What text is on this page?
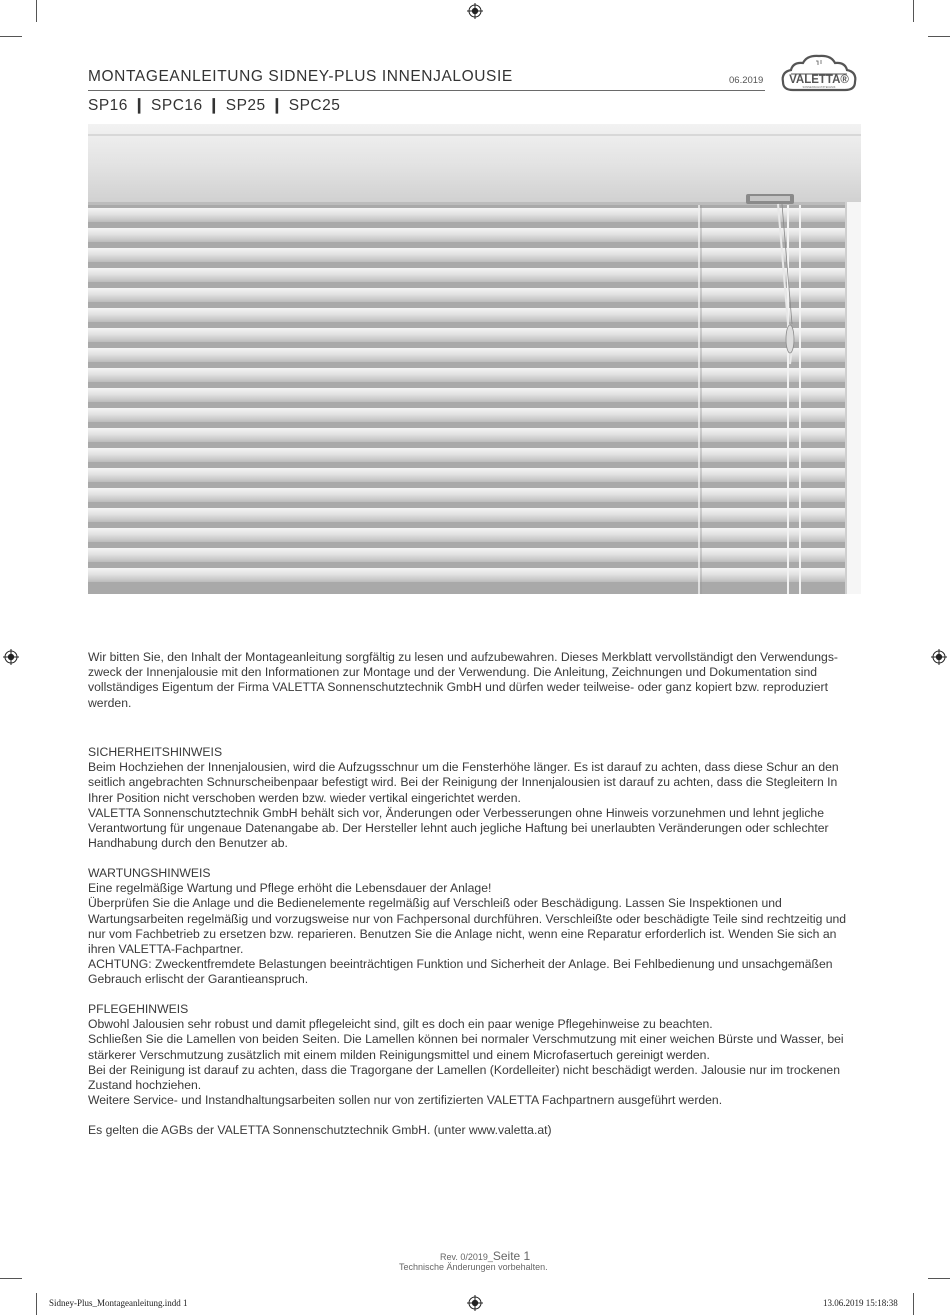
MONTAGEANLEITUNG SIDNEY-PLUS INNENJALOUSIE	06.2019
SP16 ❙ SPC16 ❙ SP25 ❙ SPC25
VALETTA®
SONNENSCHUTZTECHNIK

Wir bitten Sie, den Inhalt der Montageanleitung sorgfältig zu lesen und aufzubewahren. Dieses Merkblatt vervollständigt den Verwendungs-zweck der Innenjalousie mit den Informationen zur Montage und der Verwendung. Die Anleitung, Zeichnungen und Dokumentation sind vollständiges Eigentum der Firma VALETTA Sonnenschutztechnik GmbH und dürfen weder teilweise- oder ganz kopiert bzw. reproduziert werden.

SICHERHEITSHINWEIS

Beim Hochziehen der Innenjalousien, wird die Aufzugsschnur um die Fensterhöhe länger. Es ist darauf zu achten, dass diese Schur an den seitlich angebrachten Schnurscheibenpaar befestigt wird. Bei der Reinigung der Innenjalousien ist darauf zu achten, dass die Stegleitern In Ihrer Position nicht verschoben werden bzw. wieder vertikal eingerichtet werden.

VALETTA Sonnenschutztechnik GmbH behält sich vor, Änderungen oder Verbesserungen ohne Hinweis vorzunehmen und lehnt jegliche Verantwortung für ungenaue Datenangabe ab. Der Hersteller lehnt auch jegliche Haftung bei unerlaubten Veränderungen oder schlechter Handhabung durch den Benutzer ab.

WARTUNGSHINWEIS

Eine regelmäßige Wartung und Pflege erhöht die Lebensdauer der Anlage!

Überprüfen Sie die Anlage und die Bedienelemente regelmäßig auf Verschleiß oder Beschädigung. Lassen Sie Inspektionen und Wartungsarbeiten regelmäßig und vorzugsweise nur von Fachpersonal durchführen. Verschleißte oder beschädigte Teile sind rechtzeitig und nur vom Fachbetrieb zu ersetzen bzw. reparieren. Benutzen Sie die Anlage nicht, wenn eine Reparatur erforderlich ist. Wenden Sie sich an ihren VALETTA-Fachpartner.

ACHTUNG: Zweckentfremdete Belastungen beeinträchtigen Funktion und Sicherheit der Anlage. Bei Fehlbedienung und unsachgemäßen Gebrauch erlischt der Garantieanspruch.

PFLEGEHINWEIS

Obwohl Jalousien sehr robust und damit pflegeleicht sind, gilt es doch ein paar wenige Pflegehinweise zu beachten.

Schließen Sie die Lamellen von beiden Seiten. Die Lamellen können bei normaler Verschmutzung mit einer weichen Bürste und Wasser, bei stärkerer Verschmutzung zusätzlich mit einem milden Reinigungsmittel und einem Microfasertuch gereinigt werden.

Bei der Reinigung ist darauf zu achten, dass die Tragorgane der Lamellen (Kordelleiter) nicht beschädigt werden. Jalousie nur im trockenen Zustand hochziehen.

Weitere Service- und Instandhaltungsarbeiten sollen nur von zertifizierten VALETTA Fachpartnern ausgeführt werden.

Es gelten die AGBs der VALETTA Sonnenschutztechnik GmbH. (unter www.valetta.at)

Rev. 0/2019_Seite 1
Technische Änderungen vorbehalten.
Sidney-Plus_Montageanleitung.indd 1	13.06.2019 15:18:38
